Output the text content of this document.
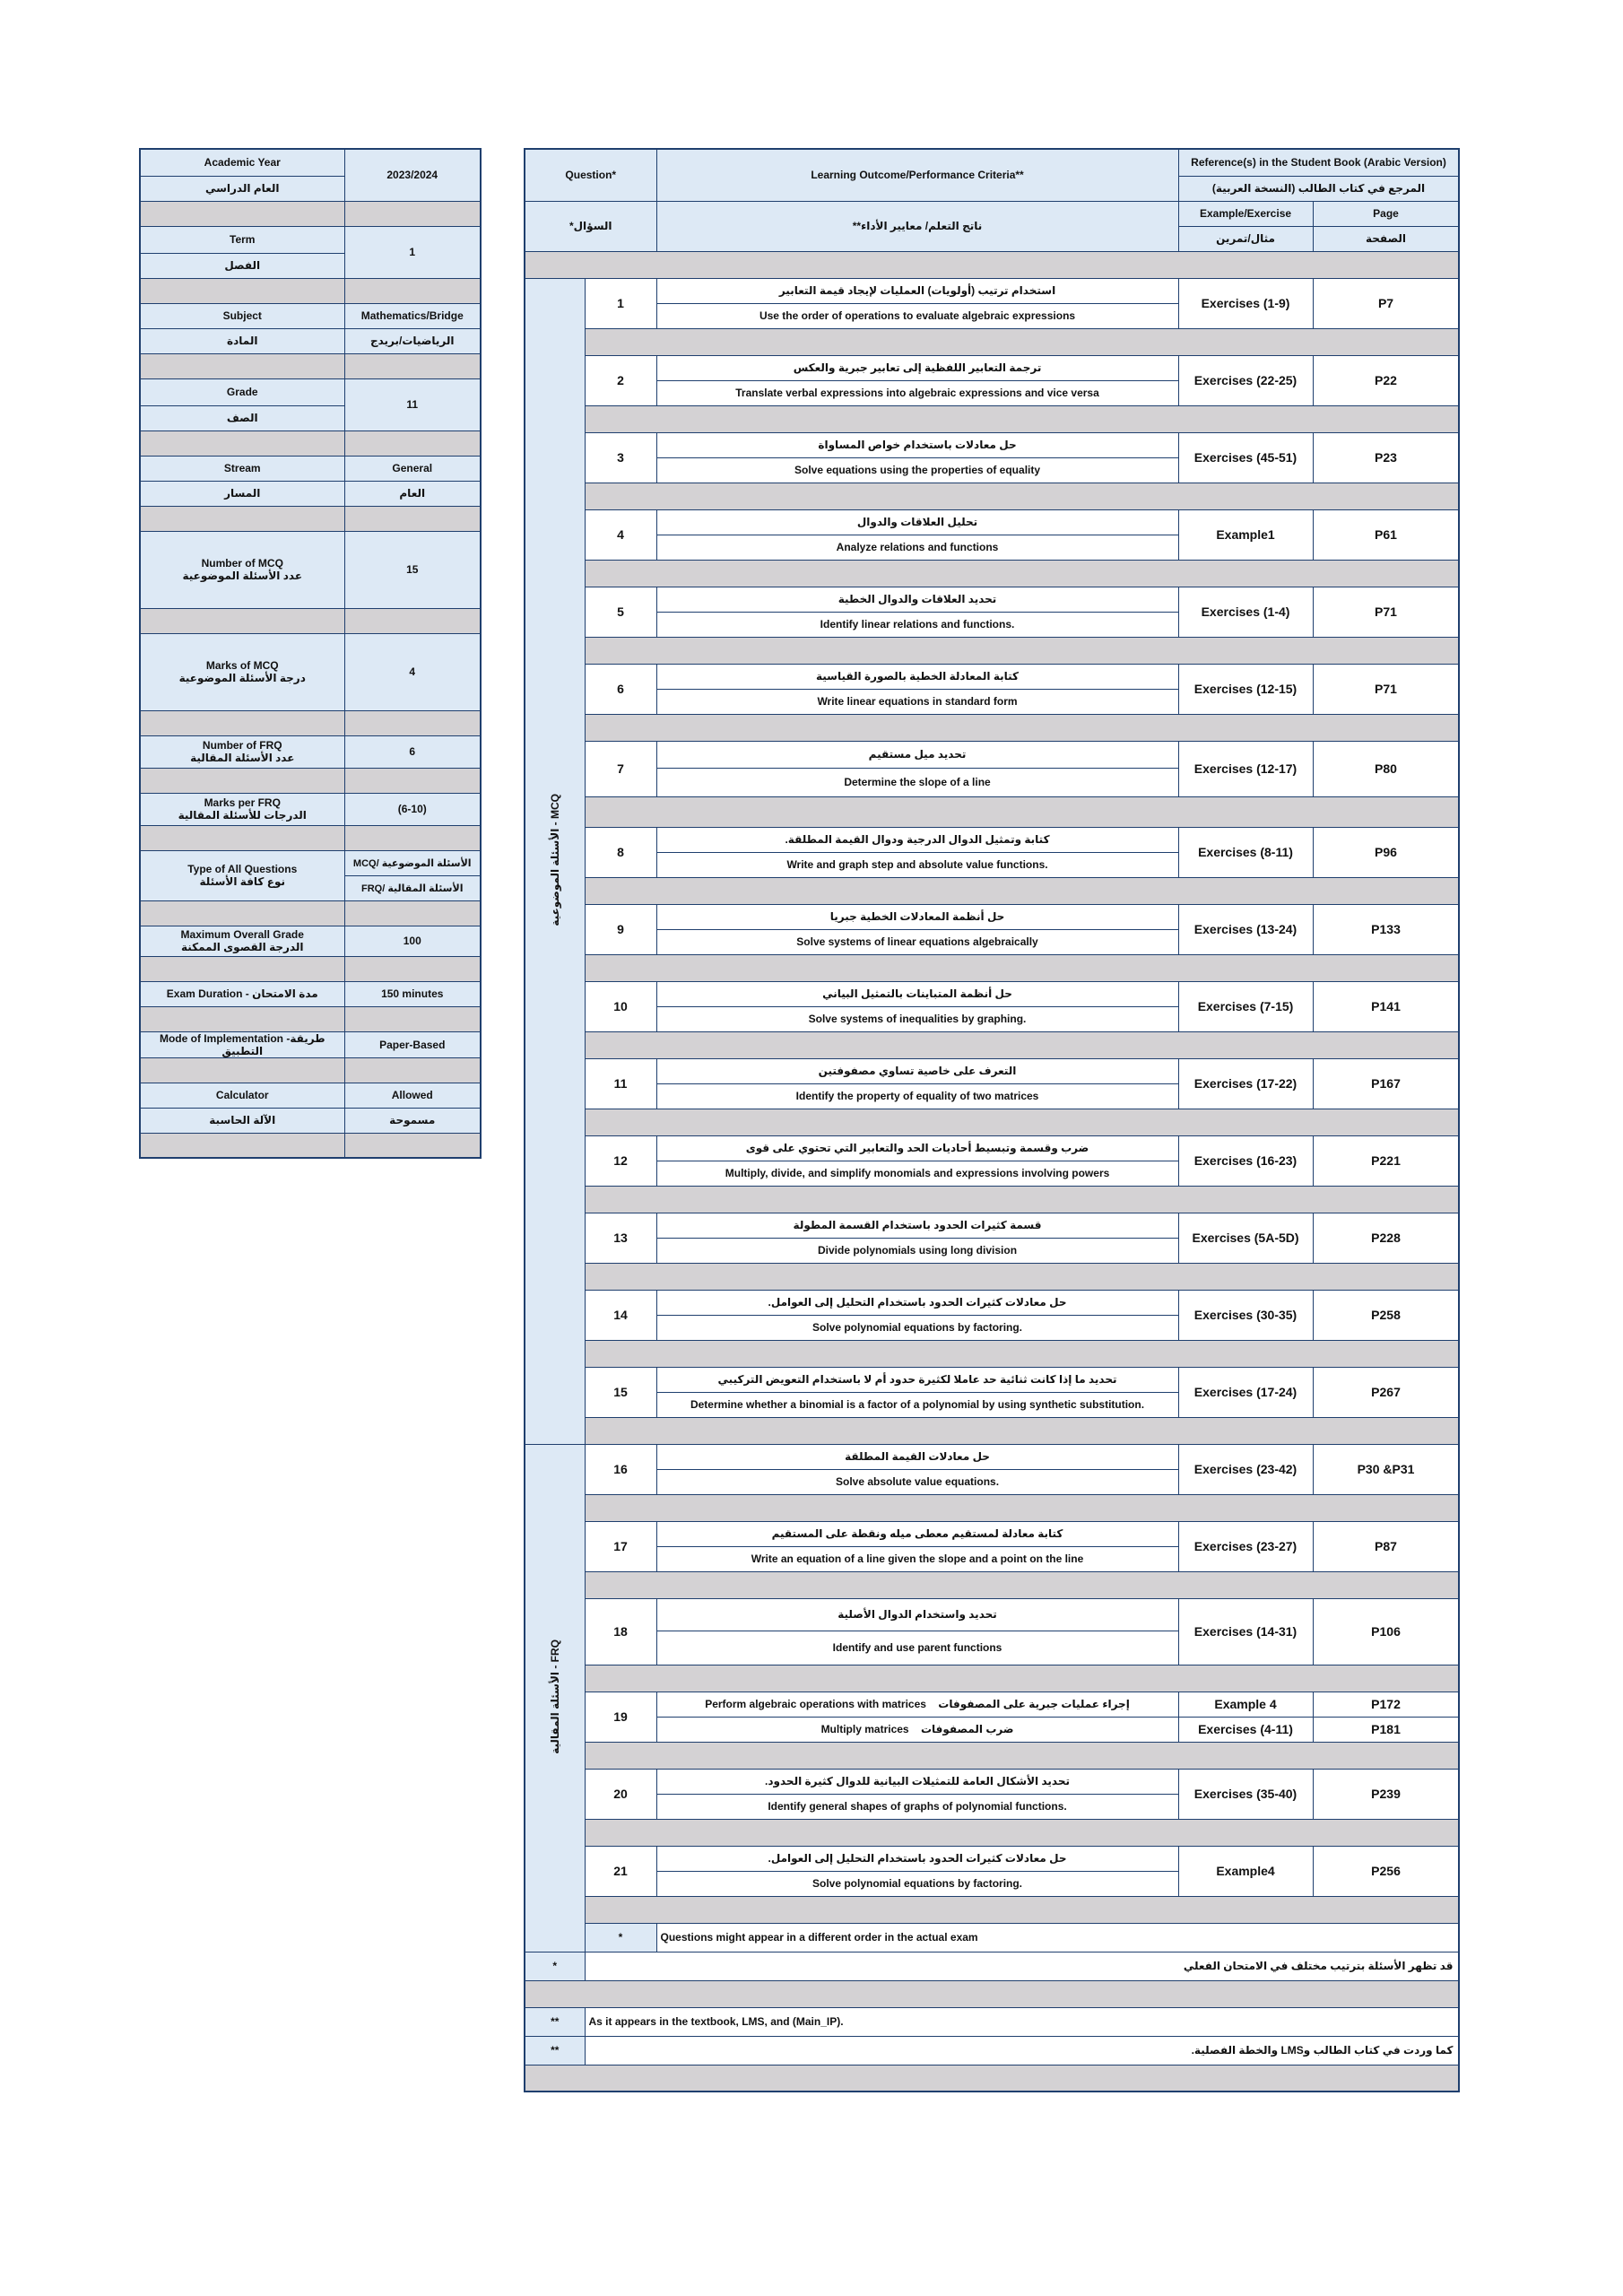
Academic Year	2023/2024
العام الدراسي	

Term	1
الفصل	

Subject	Mathematics/Bridge
المادة	الرياضيات/بريدج

Grade	11
الصف	

Stream	General
المسار	العام

Number of MCQ
عدد الأسئلة الموضوعية	15

Marks of MCQ
درجة الأسئلة الموضوعية	4

Number of FRQ
عدد الأسئلة المقالية	6

Marks per FRQ
الدرجات للأسئلة المقالية	(6-10)

Type of All Questions
نوع كافة الأسئلة	الأسئلة الموضوعية /MCQ
	الأسئلة المقالية /FRQ

Maximum Overall Grade
الدرجة القصوى الممكنة	100

Exam Duration - مدة الامتحان	150 minutes

Mode of Implementation -طريقة التطبيق	Paper-Based

Calculator	Allowed
الآلة الحاسبة	مسموحة

Question*		Learning Outcome/Performance Criteria**	Reference(s) in the Student Book (Arabic Version)	
			المرجع في كتاب الطالب (النسخة العربية)	
السؤال*		ناتج التعلم/ معايير الأداء**	Example/Exercise	Page
			مثال/تمرين	الصفحة

الأسئلة الموضوعية - MCQ	1	استخدام ترتيب (أولويات) العمليات لإيجاد قيمة التعابير	Exercises (1-9)	P7
		Use the order of operations to evaluate algebraic expressions		

	2	ترجمة التعابير اللفظية إلى تعابير جبرية والعكس	Exercises (22-25)	P22
		Translate verbal expressions into algebraic expressions and vice versa		

	3	حل معادلات باستخدام خواص المساواة	Exercises (45-51)	P23
		Solve equations using the properties of equality		

	4	تحليل العلاقات والدوال	Example1	P61
		Analyze relations and functions		

	5	تحديد العلاقات والدوال الخطية	Exercises (1-4)	P71
		Identify linear relations and functions.		

	6	كتابة المعادلة الخطية بالصورة القياسية	Exercises (12-15)	P71
		Write linear equations in standard form		

	7	تحديد ميل مستقيم	Exercises (12-17)	P80
		Determine the slope of a line		

	8	كتابة وتمثيل الدوال الدرجية ودوال القيمة المطلقة.	Exercises (8-11)	P96
		Write and graph step and absolute value functions.		

	9	حل أنظمة المعادلات الخطية جبريا	Exercises (13-24)	P133
		Solve systems of linear equations algebraically		

	10	حل أنظمة المتباينات بالتمثيل البياني	Exercises (7-15)	P141
		Solve systems of inequalities by graphing.		

	11	التعرف على خاصية تساوي مصفوفتين	Exercises (17-22)	P167
		Identify the property of equality of two matrices		

	12	ضرب وقسمة وتبسيط أحاديات الحد والتعابير التي تحتوي على قوى	Exercises (16-23)	P221
		Multiply, divide, and simplify monomials and expressions involving powers		

	13	قسمة كثيرات الحدود باستخدام القسمة المطولة	Exercises (5A-5D)	P228
		Divide polynomials using long division		

	14	حل معادلات كثيرات الحدود باستخدام التحليل إلى العوامل.	Exercises (30-35)	P258
		Solve polynomial equations by factoring.		

	15	تحديد ما إذا كانت ثنائية حد عاملا لكثيرة حدود أم لا باستخدام التعويض التركيبي	Exercises (17-24)	P267
		Determine whether a binomial is a factor of a polynomial by using synthetic substitution.		

الأسئلة المقالية - FRQ	16	حل معادلات القيمة المطلقة	Exercises (23-42)	P30 &P31
		Solve absolute value equations.		

	17	كتابة معادلة لمستقيم معطى ميله ونقطة على المستقيم	Exercises (23-27)	P87
		Write an equation of a line given the slope and a point on the line		

	18	تحديد واستخدام الدوال الأصلية	Exercises (14-31)	P106
		Identify and use parent functions		

	19	Perform algebraic operations with matrices إجراء عمليات جبرية على المصفوفات	Example 4	P172
		Multiply matrices ضرب المصفوفات	Exercises (4-11)	P181

	20	تحديد الأشكال العامة للتمثيلات البيانية للدوال كثيرة الحدود.	Exercises (35-40)	P239
		Identify general shapes of graphs of polynomial functions.		

	21	حل معادلات كثيرات الحدود باستخدام التحليل إلى العوامل.	Example4	P256
		Solve polynomial equations by factoring.		

	*	Questions might appear in a different order in the actual exam		
*	قد تظهر الأسئلة بترتيب مختلف في الامتحان الفعلي			

**	As it appears in the textbook, LMS, and (Main_IP).			
**	كما وردت في كتاب الطالب وLMS والخطة الفصلية.			
